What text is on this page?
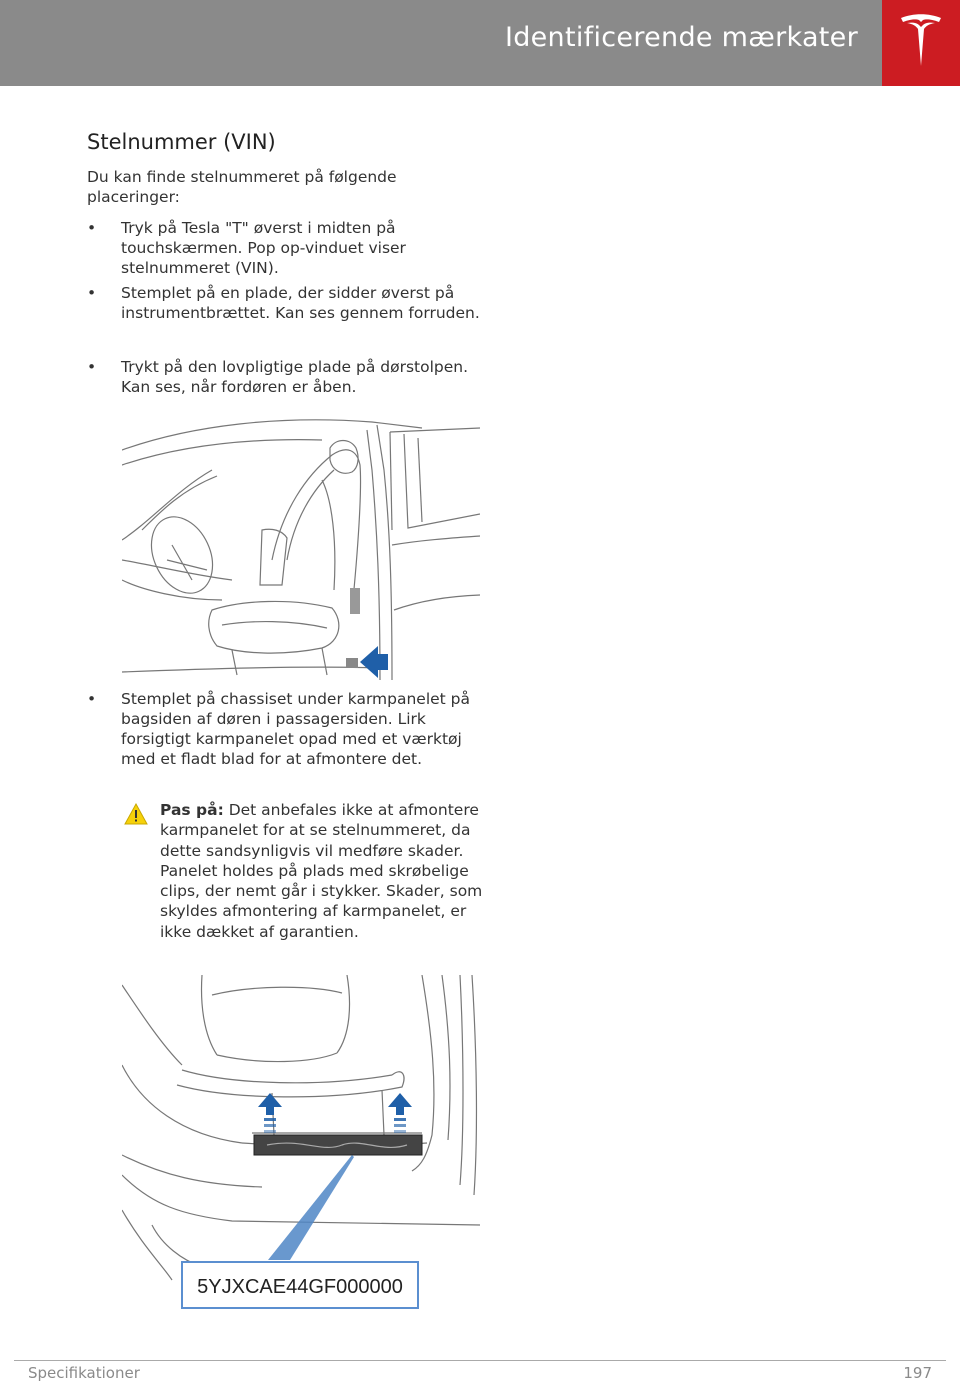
Identificerende mærkater
Stelnummer (VIN)
Du kan finde stelnummeret på følgende placeringer:
•	Tryk på Tesla "T" øverst i midten på touchskærmen. Pop op-vinduet viser stelnummeret (VIN).
•	Stemplet på en plade, der sidder øverst på instrumentbrættet. Kan ses gennem forruden.
•	Trykt på den lovpligtige plade på dørstolpen. Kan ses, når fordøren er åben.
•	Stemplet på chassiset under karmpanelet på bagsiden af døren i passagersiden. Lirk forsigtigt karmpanelet opad med et værktøj med et fladt blad for at afmontere det.
Pas på: Det anbefales ikke at afmontere karmpanelet for at se stelnummeret, da dette sandsynligvis vil medføre skader. Panelet holdes på plads med skrøbelige clips, der nemt går i stykker. Skader, som skyldes afmontering af karmpanelet, er ikke dækket af garantien.
5YJXCAE44GF000000
Specifikationer	197
